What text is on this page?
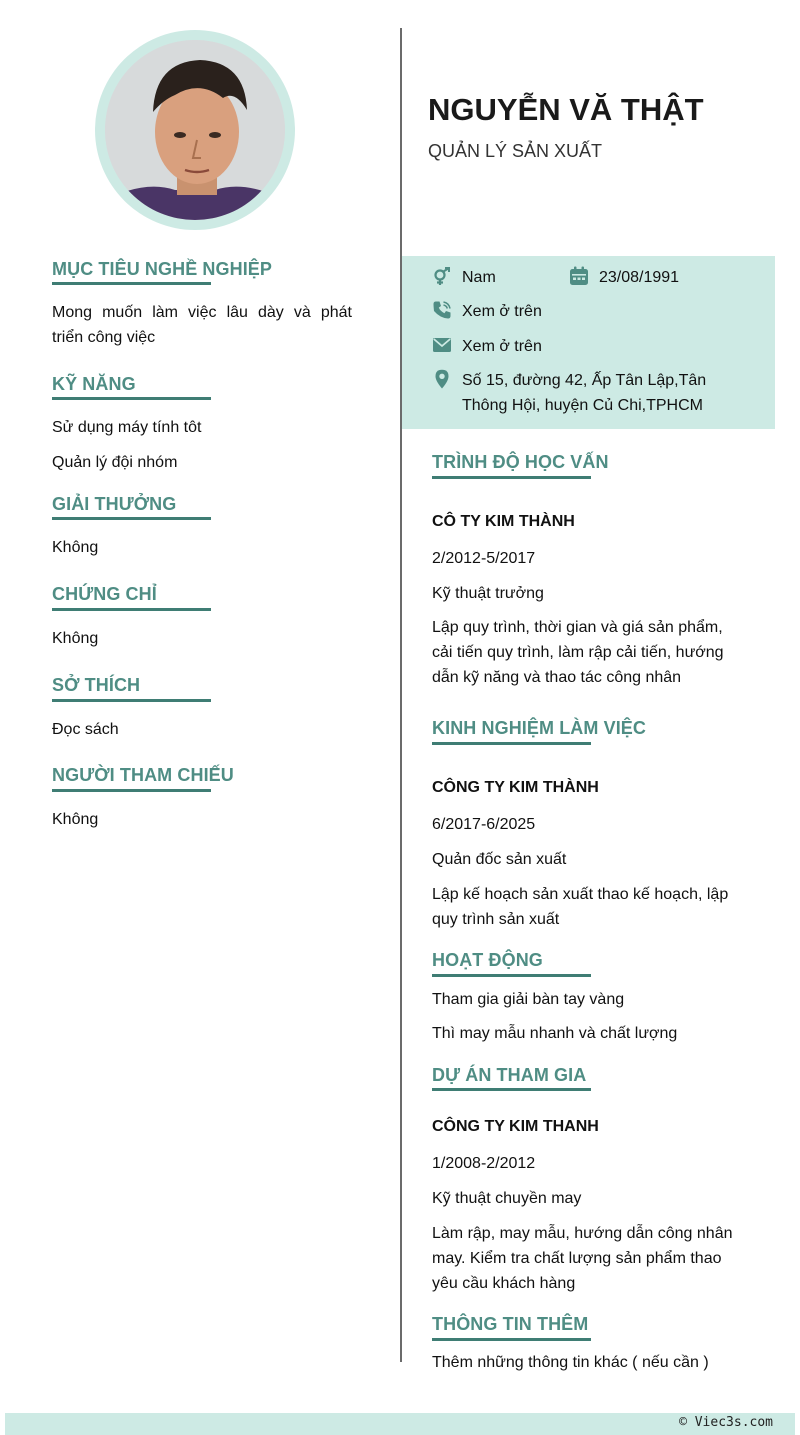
NGUYỄN VĂ THẬT
QUẢN LÝ SẢN XUẤT
Nam	23/08/1991
Xem ở trên
Xem ở trên
Số 15, đường 42, Ấp Tân Lập,Tân
Thông Hội, huyện Củ Chi,TPHCM
MỤC TIÊU NGHỀ NGHIỆP
Mong muốn làm việc lâu dày và phát
triển công việc
KỸ NĂNG
Sử dụng máy tính tôt
Quản lý đội nhóm
GIẢI THƯỞNG
Không
CHỨNG CHỈ
Không
SỞ THÍCH
Đọc sách
NGƯỜI THAM CHIẾU
Không
TRÌNH ĐỘ HỌC VẤN
CÔ TY KIM THÀNH
2/2012-5/2017
Kỹ thuật trưởng
Lập quy trình, thời gian và giá sản phẩm,
cải tiến quy trình, làm rập cải tiến, hướng
dẫn kỹ năng và thao tác công nhân
KINH NGHIỆM LÀM VIỆC
CÔNG TY KIM THÀNH
6/2017-6/2025
Quản đốc sản xuất
Lập kế hoạch sản xuất thao kế hoạch, lập
quy trình sản xuất
HOẠT ĐỘNG
Tham gia giải bàn tay vàng
Thì may mẫu nhanh và chất lượng
DỰ ÁN THAM GIA
CÔNG TY KIM THANH
1/2008-2/2012
Kỹ thuật chuyền may
Làm rập, may mẫu, hướng dẫn công nhân
may. Kiểm tra chất lượng sản phẩm thao
yêu cầu khách hàng
THÔNG TIN THÊM
Thêm những thông tin khác ( nếu cần )
© Viec3s.com
